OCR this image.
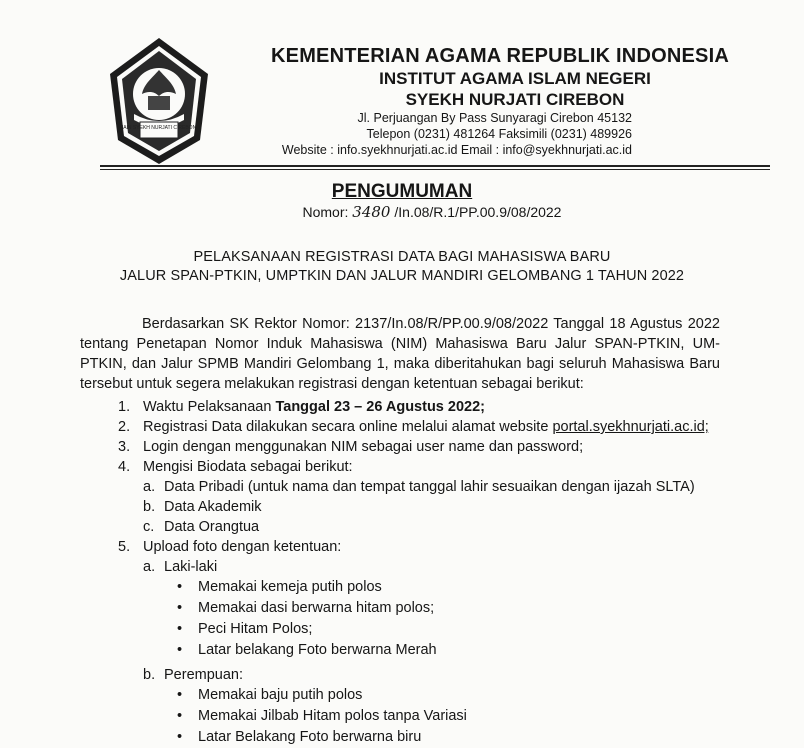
IAIN SYEKH NURJATI CIREBON
KEMENTERIAN AGAMA REPUBLIK INDONESIA
INSTITUT AGAMA ISLAM NEGERI
SYEKH NURJATI CIREBON
Jl. Perjuangan By Pass Sunyaragi Cirebon 45132
Telepon (0231) 481264 Faksimili (0231) 489926
Website : info.syekhnurjati.ac.id Email : info@syekhnurjati.ac.id
PENGUMUMAN
Nomor: 3480 /In.08/R.1/PP.00.9/08/2022
PELAKSANAAN REGISTRASI DATA BAGI MAHASISWA BARU
JALUR SPAN-PTKIN, UMPTKIN DAN JALUR MANDIRI GELOMBANG 1 TAHUN 2022
Berdasarkan SK Rektor Nomor: 2137/In.08/R/PP.00.9/08/2022 Tanggal 18 Agustus 2022 tentang Penetapan Nomor Induk Mahasiswa (NIM) Mahasiswa Baru Jalur SPAN-PTKIN, UM-PTKIN, dan Jalur SPMB Mandiri Gelombang 1, maka diberitahukan bagi seluruh Mahasiswa Baru tersebut untuk segera melakukan registrasi dengan ketentuan sebagai berikut:
1. Waktu Pelaksanaan Tanggal 23 – 26 Agustus 2022;
2. Registrasi Data dilakukan secara online melalui alamat website portal.syekhnurjati.ac.id;
3. Login dengan menggunakan NIM sebagai user name dan password;
4. Mengisi Biodata sebagai berikut:
a. Data Pribadi (untuk nama dan tempat tanggal lahir sesuaikan dengan ijazah SLTA)
b. Data Akademik
c. Data Orangtua
5. Upload foto dengan ketentuan:
a. Laki-laki
• Memakai kemeja putih polos
• Memakai dasi berwarna hitam polos;
• Peci Hitam Polos;
• Latar belakang Foto berwarna Merah
b. Perempuan:
• Memakai baju putih polos
• Memakai Jilbab Hitam polos tanpa Variasi
• Latar Belakang Foto berwarna biru
